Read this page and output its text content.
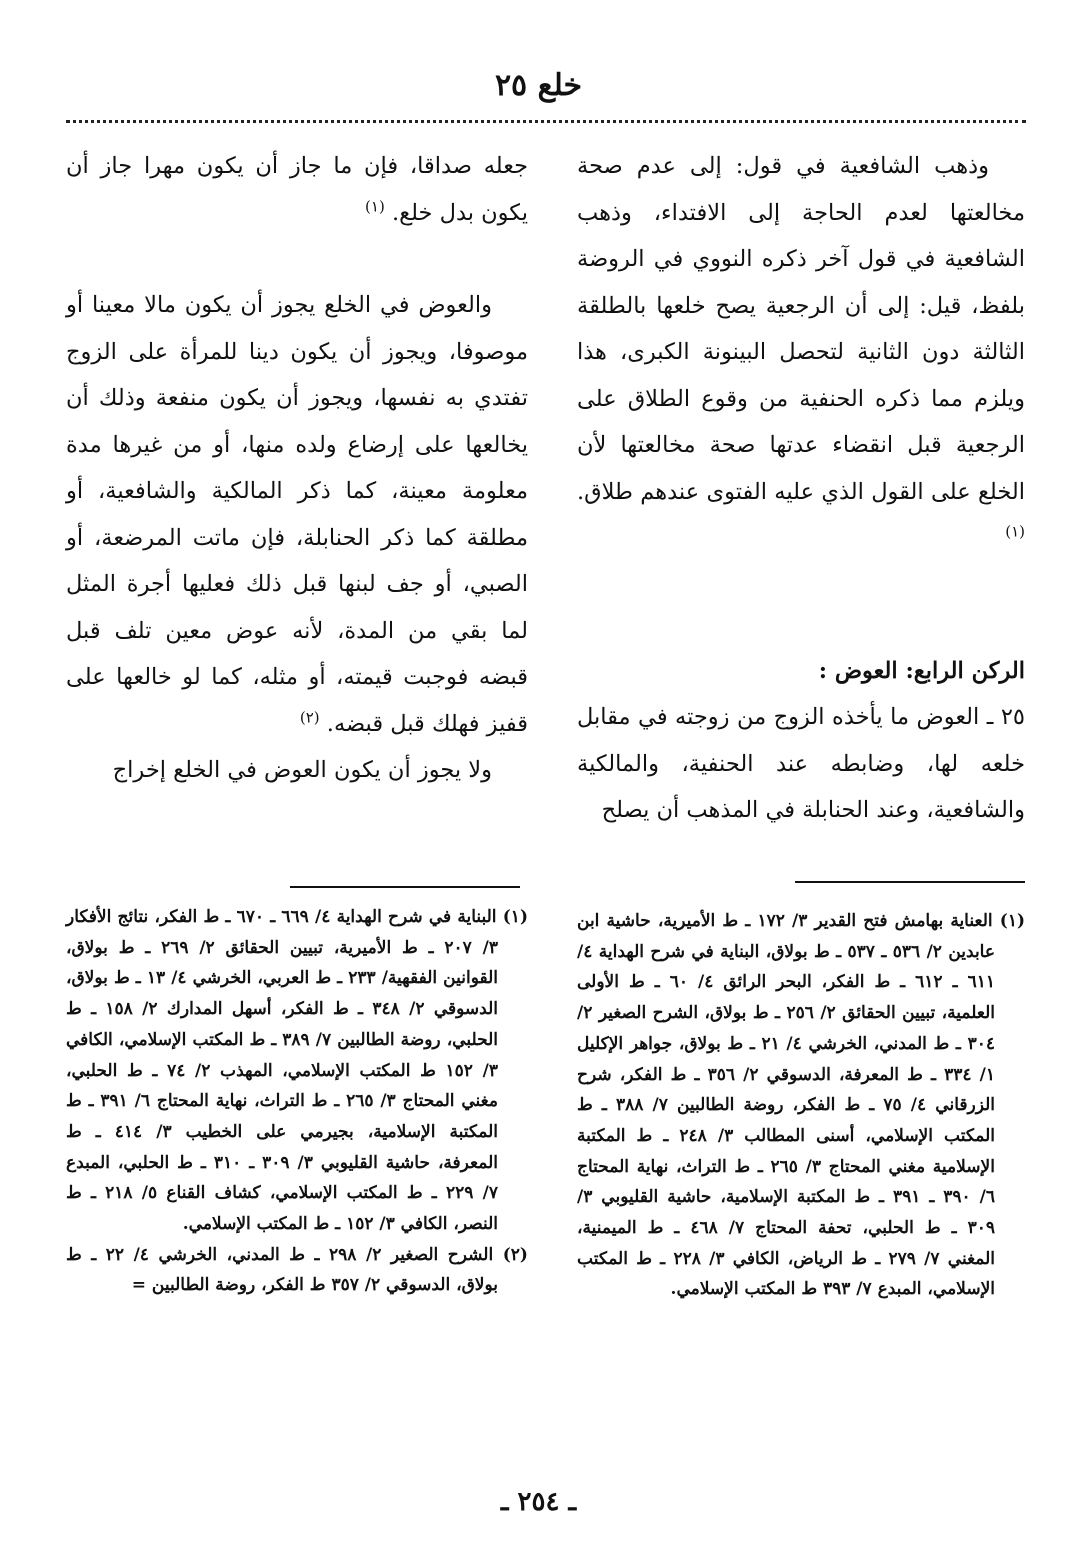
خلع ٢٥

وذهب الشافعية في قول: إلى عدم صحة مخالعتها لعدم الحاجة إلى الافتداء، وذهب الشافعية في قول آخر ذكره النووي في الروضة بلفظ، قيل: إلى أن الرجعية يصح خلعها بالطلقة الثالثة دون الثانية لتحصل البينونة الكبرى، هذا ويلزم مما ذكره الحنفية من وقوع الطلاق على الرجعية قبل انقضاء عدتها صحة مخالعتها لأن الخلع على القول الذي عليه الفتوى عندهم طلاق. $^{(١)}$

الركن الرابع: العوض :

٢٥ ـ العوض ما يأخذه الزوج من زوجته في مقابل خلعه لها، وضابطه عند الحنفية، والمالكية والشافعية، وعند الحنابلة في المذهب أن يصلح

جعله صداقا، فإن ما جاز أن يكون مهرا جاز أن يكون بدل خلع. $^{(١)}$

والعوض في الخلع يجوز أن يكون مالا معينا أو موصوفا، ويجوز أن يكون دينا للمرأة على الزوج تفتدي به نفسها، ويجوز أن يكون منفعة وذلك أن يخالعها على إرضاع ولده منها، أو من غيرها مدة معلومة معينة، كما ذكر المالكية والشافعية، أو مطلقة كما ذكر الحنابلة، فإن ماتت المرضعة، أو الصبي، أو جف لبنها قبل ذلك فعليها أجرة المثل لما بقي من المدة، لأنه عوض معين تلف قبل قبضه فوجبت قيمته، أو مثله، كما لو خالعها على قفيز فهلك قبل قبضه. $^{(٢)}$

ولا يجوز أن يكون العوض في الخلع إخراج

(١) العناية بهامش فتح القدير ٣/ ١٧٢ ـ ط الأميرية، حاشية ابن عابدين ٢/ ٥٣٦ ـ ٥٣٧ ـ ط بولاق، البناية في شرح الهداية ٤/ ٦١١ ـ ٦١٢ ـ ط الفكر، البحر الرائق ٤/ ٦٠ ـ ط الأولى العلمية، تبيين الحقائق ٢/ ٢٥٦ ـ ط بولاق، الشرح الصغير ٢/ ٣٠٤ ـ ط المدني، الخرشي ٤/ ٢١ ـ ط بولاق، جواهر الإكليل ١/ ٣٣٤ ـ ط المعرفة، الدسوقي ٢/ ٣٥٦ ـ ط الفكر، شرح الزرقاني ٤/ ٧٥ ـ ط الفكر، روضة الطالبين ٧/ ٣٨٨ ـ ط المكتب الإسلامي، أسنى المطالب ٣/ ٢٤٨ ـ ط المكتبة الإسلامية مغني المحتاج ٣/ ٢٦٥ ـ ط التراث، نهاية المحتاج ٦/ ٣٩٠ ـ ٣٩١ ـ ط المكتبة الإسلامية، حاشية القليوبي ٣/ ٣٠٩ ـ ط الحلبي، تحفة المحتاج ٧/ ٤٦٨ ـ ط الميمنية، المغني ٧/ ٢٧٩ ـ ط الرياض، الكافي ٣/ ٢٢٨ ـ ط المكتب الإسلامي، المبدع ٧/ ٣٩٣ ط المكتب الإسلامي.

(١) البناية في شرح الهداية ٤/ ٦٦٩ ـ ٦٧٠ ـ ط الفكر، نتائج الأفكار ٣/ ٢٠٧ ـ ط الأميرية، تبيين الحقائق ٢/ ٢٦٩ ـ ط بولاق، القوانين الفقهية/ ٢٣٣ ـ ط العربي، الخرشي ٤/ ١٣ ـ ط بولاق، الدسوقي ٢/ ٣٤٨ ـ ط الفكر، أسهل المدارك ٢/ ١٥٨ ـ ط الحلبي، روضة الطالبين ٧/ ٣٨٩ ـ ط المكتب الإسلامي، الكافي ٣/ ١٥٢ ط المكتب الإسلامي، المهذب ٢/ ٧٤ ـ ط الحلبي، مغني المحتاج ٣/ ٢٦٥ ـ ط التراث، نهاية المحتاج ٦/ ٣٩١ ـ ط المكتبة الإسلامية، بجيرمي على الخطيب ٣/ ٤١٤ ـ ط المعرفة، حاشية القليوبي ٣/ ٣٠٩ ـ ٣١٠ ـ ط الحلبي، المبدع ٧/ ٢٢٩ ـ ط المكتب الإسلامي، كشاف القناع ٥/ ٢١٨ ـ ط النصر، الكافي ٣/ ١٥٢ ـ ط المكتب الإسلامي.

(٢) الشرح الصغير ٢/ ٢٩٨ ـ ط المدني، الخرشي ٤/ ٢٢ ـ ط بولاق، الدسوقي ٢/ ٣٥٧ ط الفكر، روضة الطالبين =

ـ ٢٥٤ ـ
